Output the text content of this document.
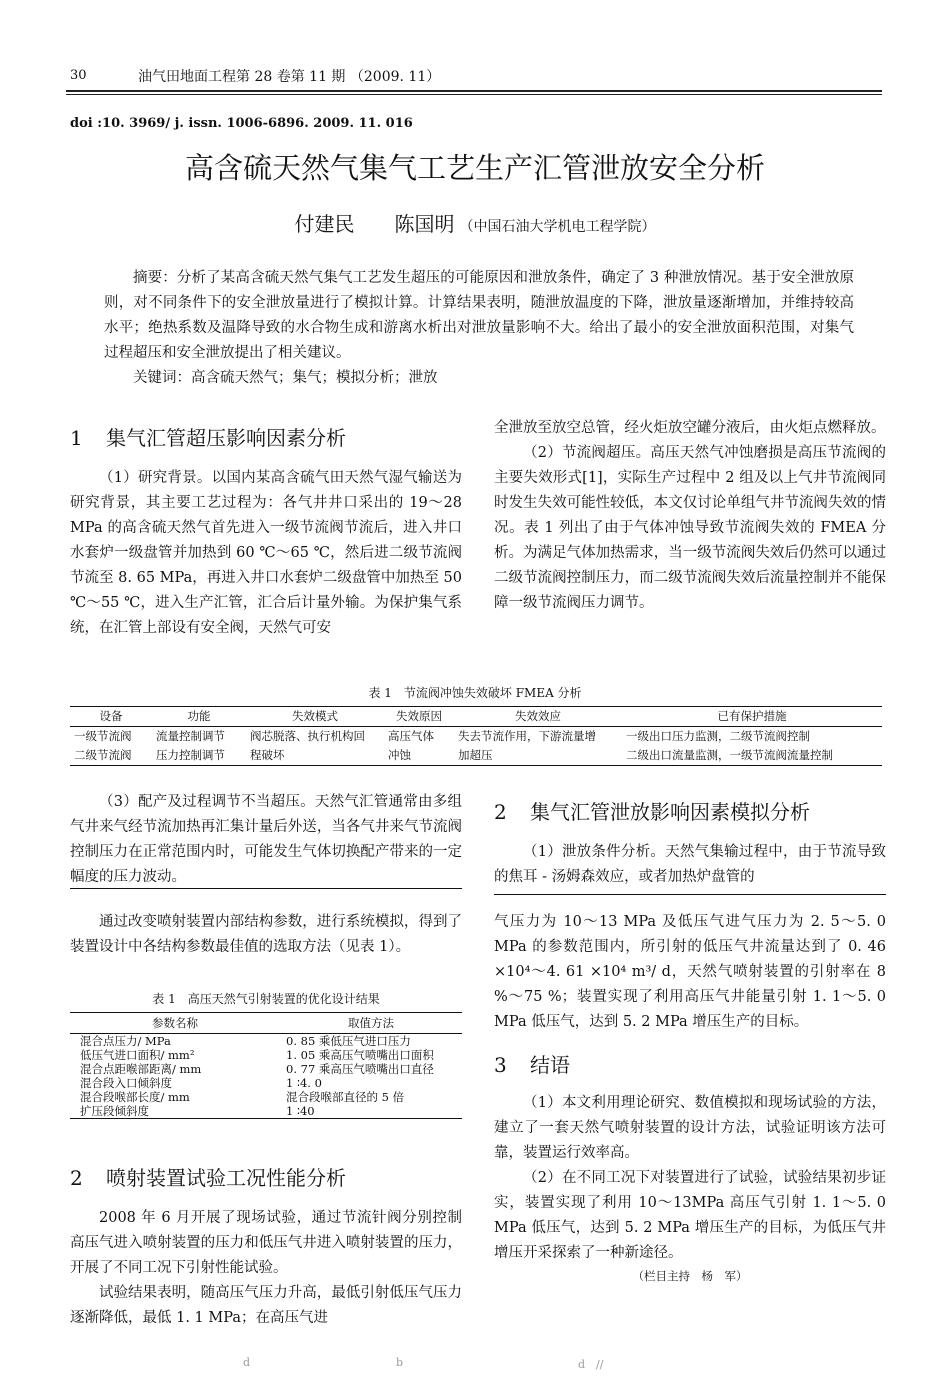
30	油气田地面工程第 28 卷第 11 期 （2009. 11）
doi :10. 3969/ j. issn. 1006-6896. 2009. 11. 016
高含硫天然气集气工艺生产汇管泄放安全分析
付建民　　陈国明 （中国石油大学机电工程学院）

摘要：分析了某高含硫天然气集气工艺发生超压的可能原因和泄放条件，确定了 3 种泄放情况。基于安全泄放原则，对不同条件下的安全泄放量进行了模拟计算。计算结果表明，随泄放温度的下降，泄放量逐渐增加，并维持较高水平；绝热系数及温降导致的水合物生成和游离水析出对泄放量影响不大。给出了最小的安全泄放面积范围，对集气过程超压和安全泄放提出了相关建议。

关键词：高含硫天然气；集气；模拟分析；泄放

1 集气汇管超压影响因素分析

（1）研究背景。以国内某高含硫气田天然气湿气输送为研究背景，其主要工艺过程为：各气井井口采出的 19～28 MPa 的高含硫天然气首先进入一级节流阀节流后，进入井口水套炉一级盘管并加热到 60 ℃～65 ℃，然后进二级节流阀节流至 8. 65 MPa，再进入井口水套炉二级盘管中加热至 50 ℃～55 ℃，进入生产汇管，汇合后计量外输。为保护集气系统，在汇管上部设有安全阀，天然气可安

全泄放至放空总管，经火炬放空罐分液后，由火炬点燃释放。

（2）节流阀超压。高压天然气冲蚀磨损是高压节流阀的主要失效形式[1]，实际生产过程中 2 组及以上气井节流阀同时发生失效可能性较低，本文仅讨论单组气井节流阀失效的情况。表 1 列出了由于气体冲蚀导致节流阀失效的 FMEA 分析。为满足气体加热需求，当一级节流阀失效后仍然可以通过二级节流阀控制压力，而二级节流阀失效后流量控制并不能保障一级节流阀压力调节。

表 1　节流阀冲蚀失效破坏 FMEA 分析
设备	功能	失效模式	失效原因	失效效应	已有保护措施
一级节流阀	流量控制调节	阀芯脱落、执行机构回	高压气体	失去节流作用，下游流量增	一级出口压力监测，二级节流阀控制
二级节流阀	压力控制调节	程破坏	冲蚀	加超压	二级出口流量监测，一级节流阀流量控制

（3）配产及过程调节不当超压。天然气汇管通常由多组气井来气经节流加热再汇集计量后外送，当各气井来气节流阀控制压力在正常范围内时，可能发生气体切换配产带来的一定幅度的压力波动。

2 集气汇管泄放影响因素模拟分析

（1）泄放条件分析。天然气集输过程中，由于节流导致的焦耳 - 汤姆森效应，或者加热炉盘管的

通过改变喷射装置内部结构参数，进行系统模拟，得到了装置设计中各结构参数最佳值的选取方法（见表 1）。

表 1　高压天然气引射装置的优化设计结果
参数名称	取值方法
混合点压力/ MPa	0. 85 乘低压气进口压力
低压气进口面积/ mm²	1. 05 乘高压气喷嘴出口面积
混合点距喉部距离/ mm	0. 77 乘高压气喷嘴出口直径
混合段入口倾斜度	1 ∶4. 0
混合段喉部长度/ mm	混合段喉部直径的 5 倍
扩压段倾斜度	1 ∶40
2 喷射装置试验工况性能分析

2008 年 6 月开展了现场试验，通过节流针阀分别控制高压气进入喷射装置的压力和低压气井进入喷射装置的压力，开展了不同工况下引射性能试验。

试验结果表明，随高压气压力升高，最低引射低压气压力逐渐降低，最低 1. 1 MPa；在高压气进

气压力为 10～13 MPa 及低压气进气压力为 2. 5～5. 0 MPa 的参数范围内，所引射的低压气井流量达到了 0. 46 ×10⁴～4. 61 ×10⁴ m³/ d，天然气喷射装置的引射率在 8 %～75 %；装置实现了利用高压气井能量引射 1. 1～5. 0 MPa 低压气，达到 5. 2 MPa 增压生产的目标。

3 结语

（1）本文利用理论研究、数值模拟和现场试验的方法，建立了一套天然气喷射装置的设计方法，试验证明该方法可靠，装置运行效率高。

（2）在不同工况下对装置进行了试验，试验结果初步证实，装置实现了利用 10～13MPa 高压气引射 1. 1～5. 0 MPa 低压气，达到 5. 2 MPa 增压生产的目标，为低压气井增压开采探索了一种新途径。

（栏目主持　杨　军）
d	b	d　//
